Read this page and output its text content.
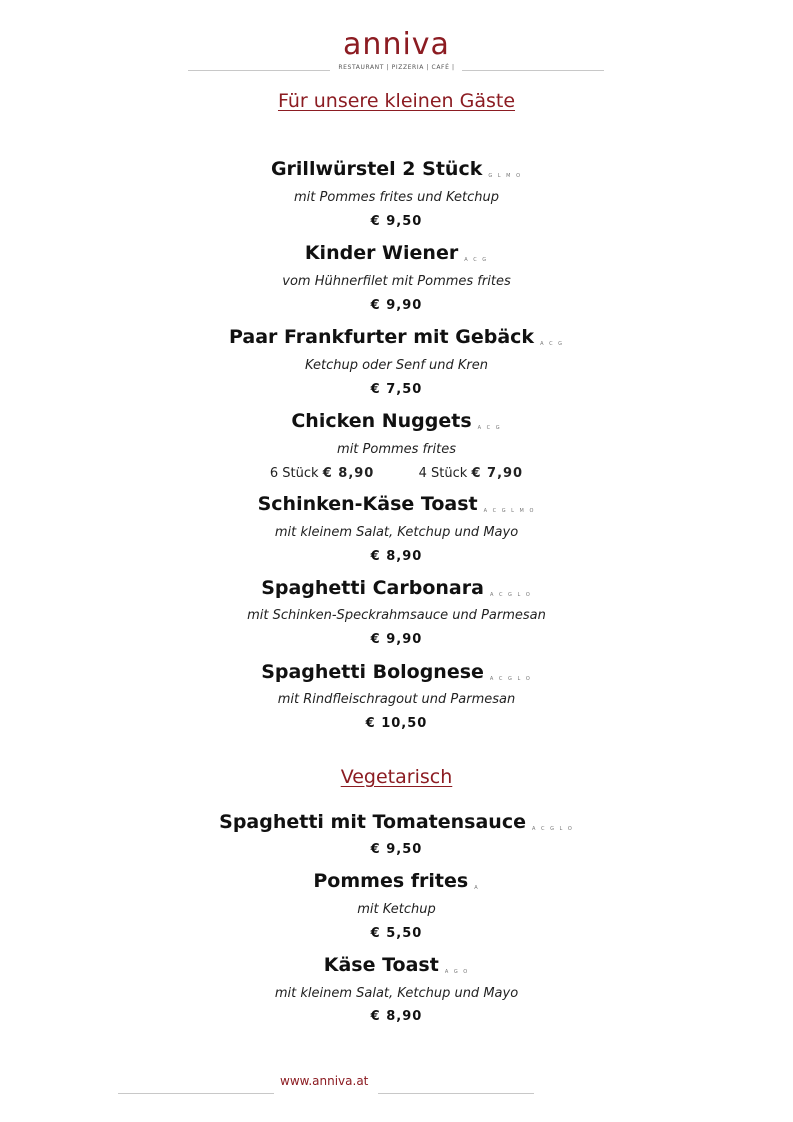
anniva
RESTAURANT | PIZZERIA | CAFÉ |
Für unsere kleinen Gäste
Grillwürstel 2 Stück G L M O
mit Pommes frites und Ketchup
€ 9,50
Kinder Wiener A C G
vom Hühnerfilet mit Pommes frites
€ 9,90
Paar Frankfurter mit Gebäck A C G
Ketchup oder Senf und Kren
€ 7,50
Chicken Nuggets A C G
mit Pommes frites
6 Stück € 8,90	4 Stück € 7,90
Schinken-Käse Toast A C G L M O
mit kleinem Salat, Ketchup und Mayo
€ 8,90
Spaghetti Carbonara A C G L O
mit Schinken-Speckrahmsauce und Parmesan
€ 9,90
Spaghetti Bolognese A C G L O
mit Rindfleischragout und Parmesan
€ 10,50
Vegetarisch
Spaghetti mit Tomatensauce A C G L O
€ 9,50
Pommes frites A
mit Ketchup
€ 5,50
Käse Toast A G O
mit kleinem Salat, Ketchup und Mayo
€ 8,90
www.anniva.at
